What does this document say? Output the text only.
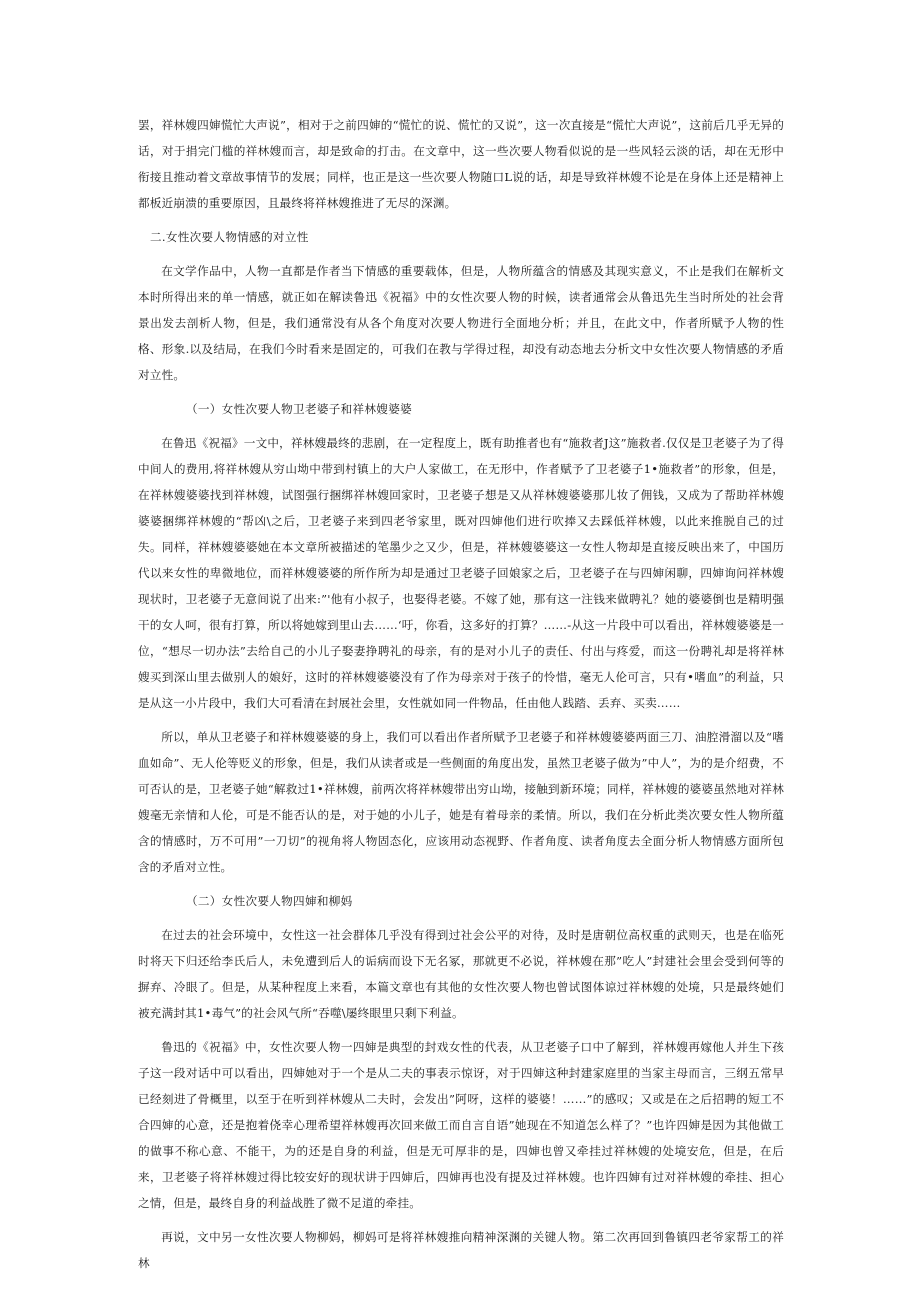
罢，祥林嫂四婶慌忙大声说”，相对于之前四婶的“慌忙的说、慌忙的又说”，这一次直接是“慌忙大声说”，这前后几乎无异的话，对于捐完门槛的祥林嫂而言，却是致命的打击。在文章中，这一些次要人物看似说的是一些风轻云淡的话，却在无形中衔接且推动着文章故事情节的发展；同样，也正是这一些次要人物随口L说的话，却是导致祥林嫂不论是在身体上还是精神上都板近崩溃的重要原因，且最终将祥林嫂推进了无尽的深渊。

二.女性次要人物情感的对立性

在文学作品中，人物一直都是作者当下情感的重要载体，但是，人物所蕴含的情感及其现实意义，不止是我们在解析文本时所得出来的单一情感，就正如在解读鲁迅《祝福》中的女性次要人物的时候，读者通常会从鲁迅先生当时所处的社会背景出发去剖析人物，但是，我们通常没有从各个角度对次要人物进行全面地分析；并且，在此文中，作者所赋予人物的性格、形象.以及结局，在我们今时看来是固定的，可我们在教与学得过程，却没有动态地去分析文中女性次要人物情感的矛盾对立性。

（一）女性次要人物卫老婆子和祥林嫂婆婆

在鲁迅《祝福》一文中，祥林嫂最终的悲剧，在一定程度上，既有助推者也有“施救者J这”施救者.仅仅是卫老婆子为了得中间人的费用,将祥林嫂从穷山坳中带到村镇上的大户人家做工，在无形中，作者赋予了卫老婆子1•施救者”的形象，但是，在祥林嫂婆婆找到祥林嫂，试图强行捆绑祥林嫂回家时，卫老婆子想是又从祥林嫂婆婆那儿妆了佣钱，又成为了帮助祥林嫂婆婆捆绑祥林嫂的“帮凶\之后，卫老婆子来到四老爷家里，既对四婶他们进行吹捧又去踩低祥林嫂，以此来推脱自己的过失。同样，祥林嫂婆婆她在本文章所被描述的笔墨少之又少，但是，祥林嫂婆婆这一女性人物却是直接反映出来了，中国历代以来女性的卑微地位，而祥林嫂婆婆的所作所为却是通过卫老婆子回娘家之后，卫老婆子在与四婶闲聊，四婶询问祥林嫂现状时，卫老婆子无意间说了出来:”'他有小叔子，也娶得老婆。不嫁了她，那有这一注钱来做聘礼？她的婆婆倒也是精明强干的女人呵，很有打算，所以将她嫁到里山去……‘吁，你看，这多好的打算？……-从这一片段中可以看出，祥林嫂婆婆是一位，“想尽一切办法”去给自己的小儿子娶妻挣聘礼的母亲，有的是对小儿子的责任、付出与疼爱，而这一份聘礼却是将祥林嫂买到深山里去做别人的娘好，这时的祥林嫂婆婆没有了作为母亲对于孩子的怜惜，毫无人伦可言，只有•嗜血”的利益，只是从这一小片段中，我们大可看清在封展社会里，女性就如同一件物品，任由他人践踏、丢弃、买卖……

所以，单从卫老婆子和祥林嫂婆婆的身上，我们可以看出作者所赋予卫老婆子和祥林嫂婆婆两面三刀、油腔滑溜以及“嗜血如命”、无人伦等贬义的形象，但是，我们从读者或是一些侧面的角度出发，虽然卫老婆子做为”中人”，为的是介绍费，不可否认的是，卫老婆子她“解救过1•祥林嫂，前两次将祥林嫂带出穷山坳，接触到新环境；同样，祥林嫂的婆婆虽然地对祥林嫂毫无亲情和人伦，可是不能否认的是，对于她的小儿子，她是有着母亲的柔情。所以，我们在分析此类次要女性人物所蕴含的情感时，万不可用”一刀切”的视角将人物固态化，应该用动态视野、作者角度、读者角度去全面分析人物情感方面所包含的矛盾对立性。

（二）女性次要人物四婶和柳妈

在过去的社会环境中，女性这一社会群体几乎没有得到过社会公平的对待，及时是唐朝位高权重的武则天，也是在临死时将天下归还给李氏后人，未免遭到后人的诟病而设下无名冢，那就更不必说，祥林嫂在那”吃人”封建社会里会受到何等的摒弃、冷眼了。但是，从某种程度上来看，本篇文章也有其他的女性次要人物也曾试图体谅过祥林嫂的处境，只是最终她们被充满封其1•毒气”的社会风气所“吞噬\屡终眼里只剩下利益。

鲁迅的《祝福》中，女性次要人物一四婶是典型的封戏女性的代表，从卫老婆子口中了解到，祥林嫂再嫁他人并生下孩子这一段对话中可以看出，四婶她对于一个是从二夫的事表示惊讶，对于四婶这种封建家庭里的当家主母而言，三纲五常早已经刻进了骨概里，以至于在听到祥林嫂从二夫时，会发出”阿呀，这样的婆婆！……”的感叹；又或是在之后招聘的短工不合四婶的心意，还是抱着侥幸心理希望祥林嫂再次回来做工而自言自语”她现在不知道怎么样了？”也许四婶是因为其他做工的做事不称心意、不能干，为的还是自身的利益，但是无可厚非的是，四婶也曾又牵挂过祥林嫂的处境安危，但是，在后来，卫老婆子将祥林嫂过得比较安好的现状讲于四婶后，四婶再也没有提及过祥林嫂。也许四婶有过对祥林嫂的牵挂、担心之情，但是，最终自身的利益战胜了微不足道的牵挂。

再说，文中另一女性次要人物柳妈，柳妈可是将祥林嫂推向精神深渊的关键人物。第二次再回到鲁镇四老爷家帮工的祥林
